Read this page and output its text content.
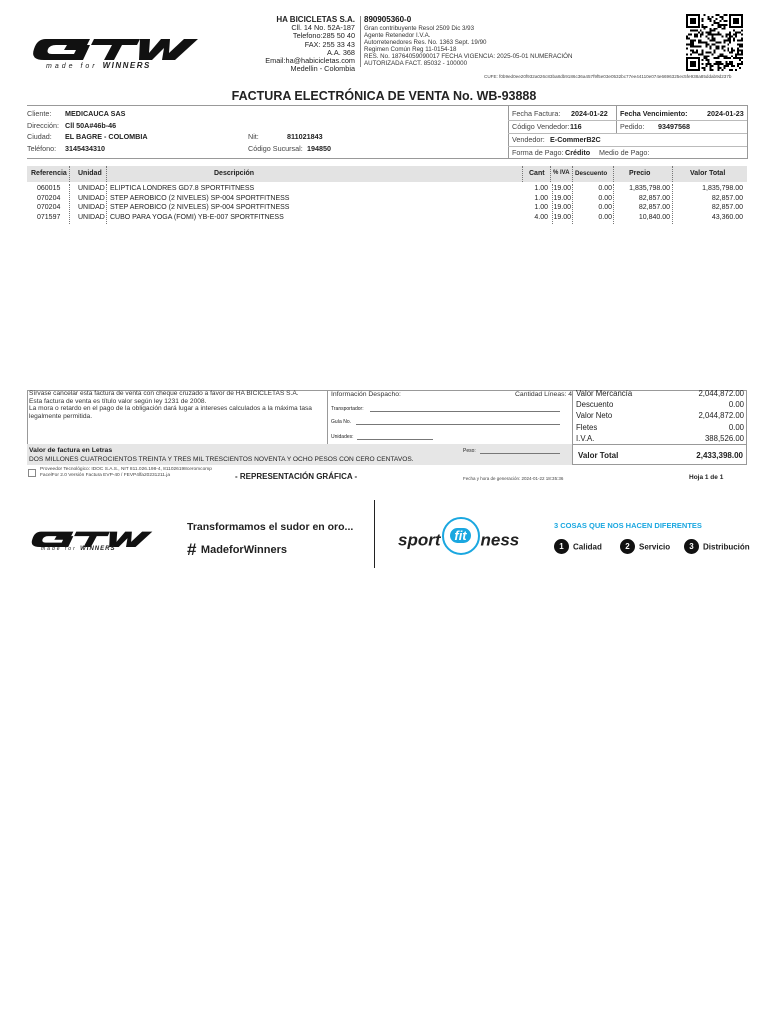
made for WINNERS
HA BICICLETAS S.A.
Cll. 14 No. 52A-187
Telefono:285 50 40
FAX: 255 33 43
A.A. 368
Email:ha@habicicletas.com
Medellin - Colombia
890905360-0
Gran contribuyente Resol 2509 Dic 3/93
Agente Retenedor I.V.A.
Autorretenedores Res. No. 1363 Sept. 19/90
Regimen Común Reg 11-0154-18
RES. No. 18764059090017 FECHA VIGENCIA: 2025-05-01 NUMERACIÓN
AUTORIZADA FACT. 85032 - 100000
CUFE: f0b9ed0ee20f932a026c83ba8db9186c36a457f9f5e03e0532bc77ee44110e074e6696325ec5fe938a85ddab9d237b
FACTURA ELECTRÓNICA DE VENTA No. WB-93888
Cliente: MEDICAUCA SAS
Dirección: Cll 50A#46b-46
Ciudad: EL BAGRE - COLOMBIA
Teléfono: 3145434310
Nit:	811021843
Código Sucursal: 194850
Fecha Factura: 2024-01-22 Fecha Vencimiento:	2024-01-23
Código Vendedor: 116	Pedido: 93497568
Vendedor: E-CommerB2C
Forma de Pago: Crédito Medio de Pago:
Referencia Unidad	Descripción	Cant % IVA Descuento	Precio	Valor Total
060015	UNIDAD ELIPTICA LONDRES GD7.8 SPORTFITNESS	1.00 19.00	0.00	1,835,798.00	1,835,798.00
070204	UNIDAD STEP AEROBICO (2 NIVELES) SP-004 SPORTFITNESS	1.00 19.00	0.00	82,857.00	82,857.00
070204	UNIDAD STEP AEROBICO (2 NIVELES) SP-004 SPORTFITNESS	1.00 19.00	0.00	82,857.00	82,857.00
071597	UNIDAD CUBO PARA YOGA (FOMI) YB-E-007 SPORTFITNESS	4.00 19.00	0.00	10,840.00	43,360.00
Sírvase cancelar esta factura de venta con cheque cruzado a favor de HA BICICLETAS S.A.
Esta factura de venta es título valor según ley 1231 de 2008.
La mora o retardo en el pago de la obligación dará lugar a intereses calculados a la máxima tasa legalmente permitida.
Información Despacho:	Cantidad Líneas: 4
Transportador:
Guía No.
Unidades:
Peso:
Valor de factura en Letras
DOS MILLONES CUATROCIENTOS TREINTA Y TRES MIL TRESCIENTOS NOVENTA Y OCHO PESOS CON CERO CENTAVOS.
Valor Mercancía	2,044,872.00
Descuento	0.00
Valor Neto	2,044,872.00
Fletes	0.00
I.V.A.	388,526.00
Valor Total	2,433,398.00
Proveedor Tecnológico: IDOC S.A.S., NIT 811.026.198-4, 811026198ceromcomp
FacelFor 2.0 Versión Factura EVP-40 / FEVP4lfa20231211.ja	- REPRESENTACIÓN GRÁFICA -	Fecha y hora de generación: 2024-01-22 18:35:36	Hoja 1 de 1
made for WINNERS
Transformamos el sudor en oro...
# MadeforWinners
sport fit ness
3 COSAS QUE NOS HACEN DIFERENTES
1 Calidad	2 Servicio	3 Distribución
